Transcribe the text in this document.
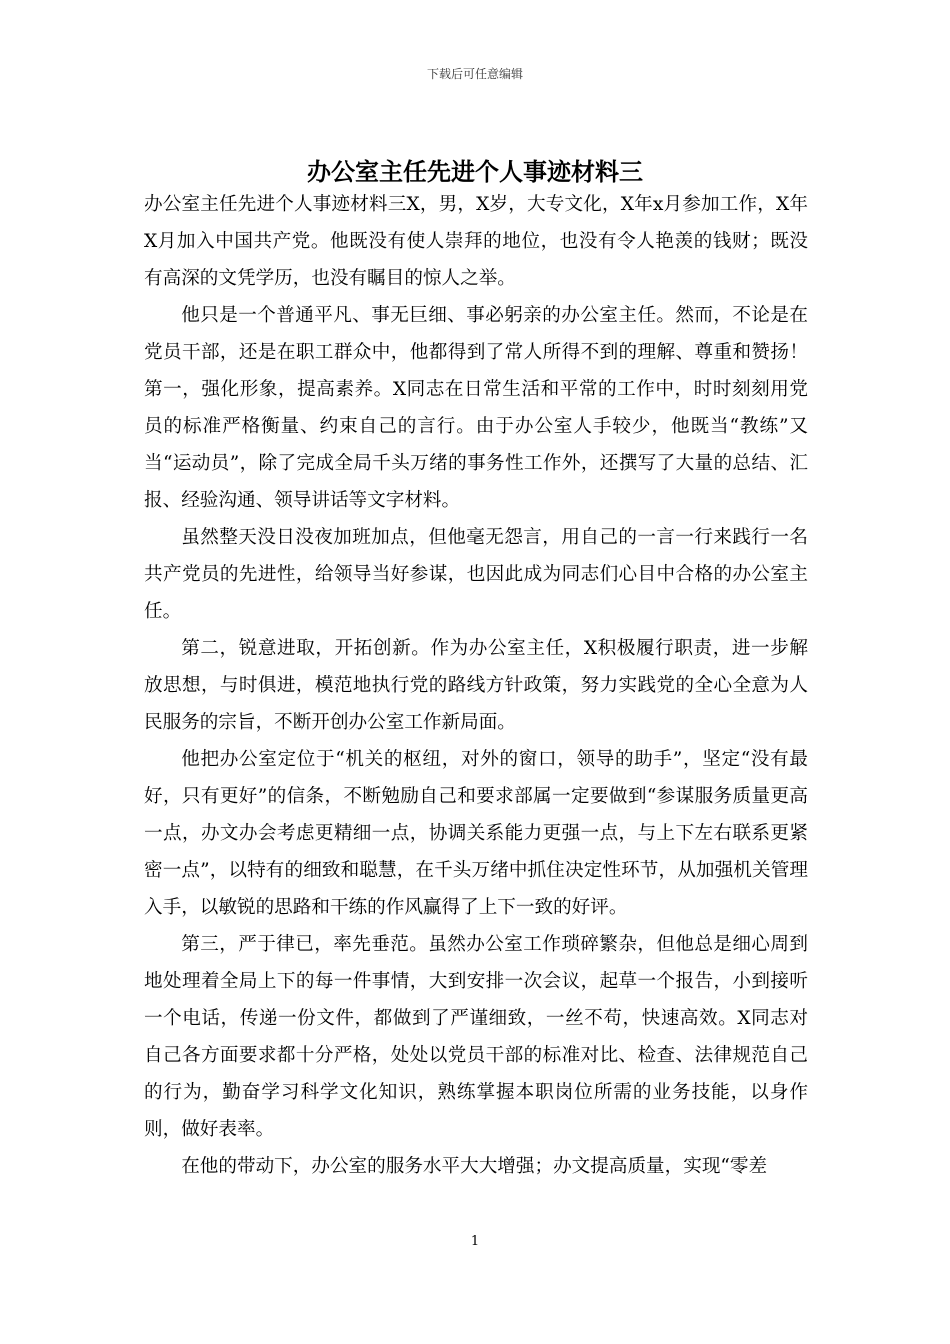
下载后可任意编辑
办公室主任先进个人事迹材料三

办公室主任先进个人事迹材料三X，男，X岁，大专文化，X年x月参加工作，X年X月加入中国共产党。他既没有使人崇拜的地位，也没有令人艳羡的钱财；既没有高深的文凭学历，也没有瞩目的惊人之举。

他只是一个普通平凡、事无巨细、事必躬亲的办公室主任。然而，不论是在党员干部，还是在职工群众中，他都得到了常人所得不到的理解、尊重和赞扬！第一，强化形象，提高素养。X同志在日常生活和平常的工作中，时时刻刻用党员的标准严格衡量、约束自己的言行。由于办公室人手较少，他既当“教练”又当“运动员”，除了完成全局千头万绪的事务性工作外，还撰写了大量的总结、汇报、经验沟通、领导讲话等文字材料。

虽然整天没日没夜加班加点，但他毫无怨言，用自己的一言一行来践行一名共产党员的先进性，给领导当好参谋，也因此成为同志们心目中合格的办公室主任。

第二，锐意进取，开拓创新。作为办公室主任，X积极履行职责，进一步解放思想，与时俱进，模范地执行党的路线方针政策，努力实践党的全心全意为人民服务的宗旨，不断开创办公室工作新局面。

他把办公室定位于“机关的枢纽，对外的窗口，领导的助手”，坚定“没有最好，只有更好”的信条，不断勉励自己和要求部属一定要做到“参谋服务质量更高一点，办文办会考虑更精细一点，协调关系能力更强一点，与上下左右联系更紧密一点”，以特有的细致和聪慧，在千头万绪中抓住决定性环节，从加强机关管理入手，以敏锐的思路和干练的作风赢得了上下一致的好评。

第三，严于律已，率先垂范。虽然办公室工作琐碎繁杂，但他总是细心周到地处理着全局上下的每一件事情，大到安排一次会议，起草一个报告，小到接听一个电话，传递一份文件，都做到了严谨细致，一丝不苟，快速高效。X同志对自己各方面要求都十分严格，处处以党员干部的标准对比、检查、法律规范自己的行为，勤奋学习科学文化知识，熟练掌握本职岗位所需的业务技能，以身作则，做好表率。

在他的带动下，办公室的服务水平大大增强；办文提高质量，实现“零差

1
